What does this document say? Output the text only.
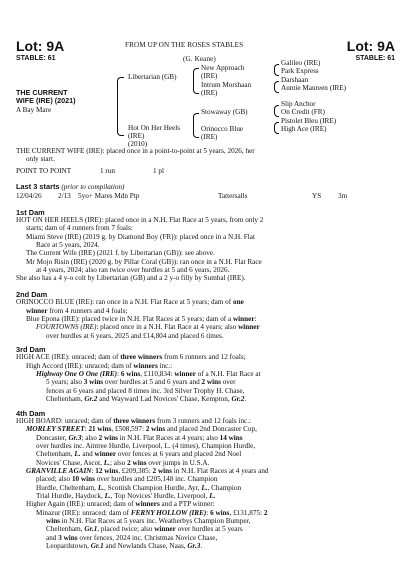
Lot: 9A	Lot: 9A
FROM UP ON THE ROSES STABLES
STABLE: 61	STABLE: 61
(G. Keane)
THE CURRENT
WIFE (IRE) (2021)
A Bay Mare
Libertarian (GB)
Hot On Her Heels
(IRE)
(2010)
New Approach
(IRE)
Intrum Morshaan
(IRE)
Stowaway (GB)
Orinocco Blue
(IRE)
Galileo (IRE)
Park Express
Darshaan
Auntie Maureen (IRE)
Slip Anchor
On Credit (FR)
Pistolet Bleu (IRE)
High Ace (IRE)
THE CURRENT WIFE (IRE): placed once in a point-to-point at 5 years, 2026, her
only start.
POINT TO POINT	1 run	1 pl
Last 3 starts (prior to compilation)
12/04/26 2/13 5yo+ Mares Mdn Ptp	Tattersalls	YS 3m
1st Dam
HOT ON HER HEELS (IRE): placed once in a N.H. Flat Race at 5 years, from only 2
starts; dam of 4 runners from 7 foals:
Miami Steve (IRE) (2019 g. by Diamond Boy (FR)): placed once in a N.H. Flat
Race at 5 years, 2024.
The Current Wife (IRE) (2021 f. by Libertarian (GB)): see above.
Mr Mojo Risin (IRE) (2020 g. by Pillar Coral (GB)): ran once in a N.H. Flat Race
at 4 years, 2024; also ran twice over hurdles at 5 and 6 years, 2026.
She also has a 4 y-o colt by Libertarian (GB) and a 2 y-o filly by Sumbal (IRE).
2nd Dam
ORINOCCO BLUE (IRE): ran once in a N.H. Flat Race at 5 years; dam of one
winner from 4 runners and 4 foals;
Blue Epona (IRE): placed twice in N.H. Flat Races at 5 years; dam of a winner:
FOURTOWNS (IRE): placed once in a N.H. Flat Race at 4 years; also winner
over hurdles at 6 years, 2025 and £14,804 and placed 6 times.
3rd Dam
HIGH ACE (IRE): unraced; dam of three winners from 6 runners and 12 foals;
High Accord (IRE): unraced; dam of winners inc.:
Highway One O One (IRE): 6 wins, £110,834: winner of a N.H. Flat Race at
5 years; also 3 wins over hurdles at 5 and 6 years and 2 wins over
fences at 6 years and placed 8 times inc. 3rd Silver Trophy H. Chase,
Cheltenham, Gr.2 and Wayward Lad Novices' Chase, Kempton, Gr.2.
4th Dam
HIGH BOARD: unraced; dam of three winners from 3 runners and 12 foals inc.:
MORLEY STREET: 21 wins, £508,597: 2 wins and placed 2nd Doncaster Cup,
Doncaster, Gr.3; also 2 wins in N.H. Flat Races at 4 years; also 14 wins
over hurdles inc. Aintree Hurdle, Liverpool, L. (4 times), Champion Hurdle,
Cheltenham, L. and winner over fences at 6 years and placed 2nd Noel
Novices' Chase, Ascot, L.; also 2 wins over jumps in U.S.A.
GRANVILLE AGAIN: 12 wins, £209,385: 2 wins in N.H. Flat Races at 4 years and
placed; also 10 wins over hurdles and £205,148 inc. Champion
Hurdle, Cheltenham, L., Scottish Champion Hurdle, Ayr, L., Champion
Trial Hurdle, Haydock, L., Top Novices' Hurdle, Liverpool, L.
Higher Again (IRE): unraced; dam of winners and a PTP winner:
Minazur (IRE): unraced; dam of FERNY HOLLOW (IRE): 6 wins, £131,875: 2
wins in N.H. Flat Races at 5 years inc. Weatherbys Champion Bumper,
Cheltenham, Gr.1, placed twice; also winner over hurdles at 5 years
and 3 wins over fences, 2024 inc. Christmas Novice Chase,
Leopardstown, Gr.1 and Newlands Chase, Naas, Gr.3.
